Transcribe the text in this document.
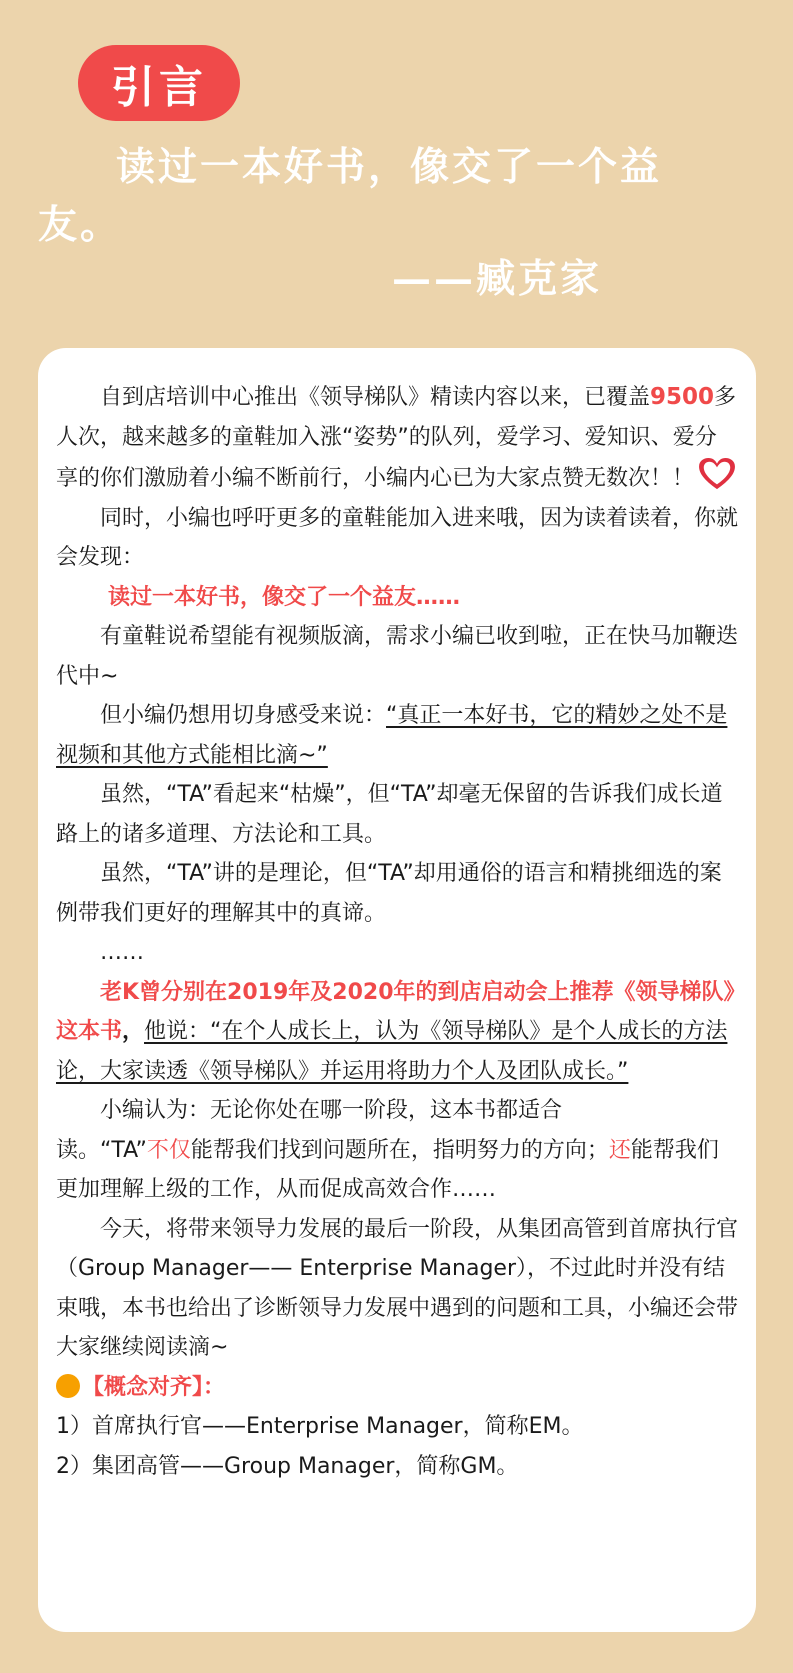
引言
读过一本好书，像交了一个益
友。
——臧克家

自到店培训中心推出《领导梯队》精读内容以来，已覆盖9500多人次，越来越多的童鞋加入涨“姿势”的队列，爱学习、爱知识、爱分享的你们激励着小编不断前行，小编内心已为大家点赞无数次！！

同时，小编也呼吁更多的童鞋能加入进来哦，因为读着读着，你就会发现：

读过一本好书，像交了一个益友……

有童鞋说希望能有视频版滴，需求小编已收到啦，正在快马加鞭迭代中~

但小编仍想用切身感受来说：“真正一本好书，它的精妙之处不是视频和其他方式能相比滴~”

虽然，“TA”看起来“枯燥”，但“TA”却毫无保留的告诉我们成长道路上的诸多道理、方法论和工具。

虽然，“TA”讲的是理论，但“TA”却用通俗的语言和精挑细选的案例带我们更好的理解其中的真谛。

……

老K曾分别在2019年及2020年的到店启动会上推荐《领导梯队》这本书，他说：“在个人成长上，认为《领导梯队》是个人成长的方法论，大家读透《领导梯队》并运用将助力个人及团队成长。”

小编认为：无论你处在哪一阶段，这本书都适合

读。“TA”不仅能帮我们找到问题所在，指明努力的方向；还能帮我们更加理解上级的工作，从而促成高效合作……

今天，将带来领导力发展的最后一阶段，从集团高管到首席执行官（Group Manager—— Enterprise Manager），不过此时并没有结束哦，本书也给出了诊断领导力发展中遇到的问题和工具，小编还会带大家继续阅读滴~

【概念对齐】：

1）首席执行官——Enterprise Manager，简称EM。

2）集团高管——Group Manager，简称GM。
